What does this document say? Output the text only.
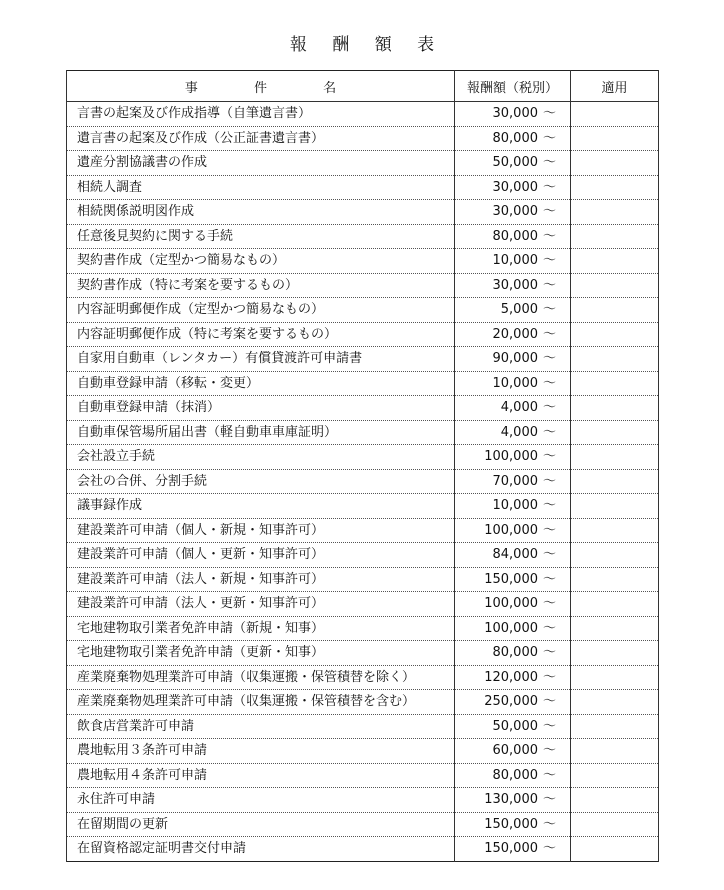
報 酬 額 表
事 件 名	報酬額（税別）	適用
言書の起案及び作成指導（自筆遺言書）	30,000 ～	
遺言書の起案及び作成（公正証書遺言書）	80,000 ～	
遺産分割協議書の作成	50,000 ～	
相続人調査	30,000 ～	
相続関係説明図作成	30,000 ～	
任意後見契約に関する手続	80,000 ～	
契約書作成（定型かつ簡易なもの）	10,000 ～	
契約書作成（特に考案を要するもの）	30,000 ～	
内容証明郵便作成（定型かつ簡易なもの）	5,000 ～	
内容証明郵便作成（特に考案を要するもの）	20,000 ～	
自家用自動車（レンタカー）有償貸渡許可申請書	90,000 ～	
自動車登録申請（移転・変更）	10,000 ～	
自動車登録申請（抹消）	4,000 ～	
自動車保管場所届出書（軽自動車車庫証明）	4,000 ～	
会社設立手続	100,000 ～	
会社の合併、分割手続	70,000 ～	
議事録作成	10,000 ～	
建設業許可申請（個人・新規・知事許可）	100,000 ～	
建設業許可申請（個人・更新・知事許可）	84,000 ～	
建設業許可申請（法人・新規・知事許可）	150,000 ～	
建設業許可申請（法人・更新・知事許可）	100,000 ～	
宅地建物取引業者免許申請（新規・知事）	100,000 ～	
宅地建物取引業者免許申請（更新・知事）	80,000 ～	
産業廃棄物処理業許可申請（収集運搬・保管積替を除く）	120,000 ～	
産業廃棄物処理業許可申請（収集運搬・保管積替を含む）	250,000 ～	
飲食店営業許可申請	50,000 ～	
農地転用３条許可申請	60,000 ～	
農地転用４条許可申請	80,000 ～	
永住許可申請	130,000 ～	
在留期間の更新	150,000 ～	
在留資格認定証明書交付申請	150,000 ～	
